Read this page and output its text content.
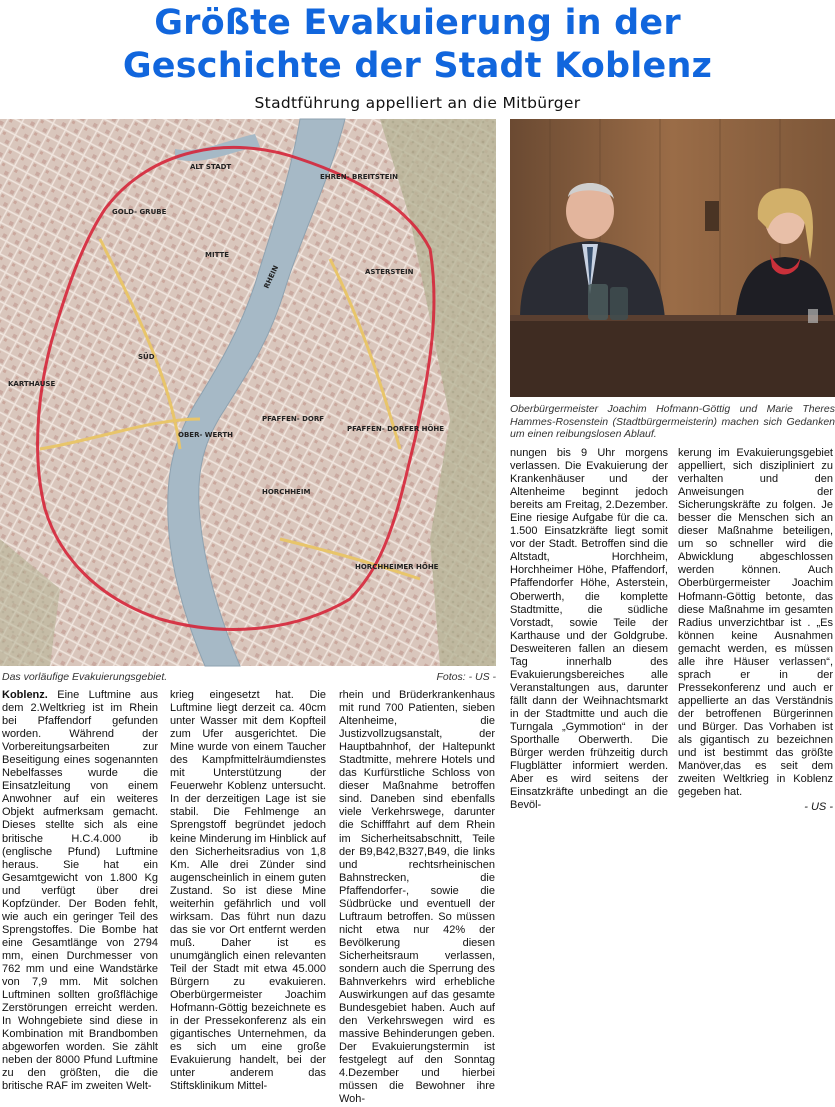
Größte Evakuierung in der
Geschichte der Stadt Koblenz
Stadtführung appelliert an die Mitbürger
ALT STADT
EHREN- BREITSTEIN
GOLD- GRUBE
MITTE
ASTERSTEIN
SÜD
KARTHAUSE
OBER- WERTH
PFAFFEN- DORF
PFAFFEN- DORFER HÖHE
HORCHHEIM
HORCHHEIMER HÖHE
RHEIN
Das vorläufige Evakuierungsgebiet.	Fotos: - US -
Oberbürgermeister Joachim Hofmann-Göttig und Marie Theres Hammes-Rosenstein (Stadtbürgermeisterin) machen sich Gedanken um einen reibungslosen Ablauf.
Koblenz. Eine Luftmine aus dem 2.Weltkrieg ist im Rhein bei Pfaffendorf gefunden worden. Während der Vorbereitungsarbeiten zur Beseitigung eines sogenannten Nebelfasses wurde die Einsatzleitung von einem Anwohner auf ein weiteres Objekt aufmerksam gemacht. Dieses stellte sich als eine britische H.C.4.000 ib (englische Pfund) Luftmine heraus. Sie hat ein Gesamtgewicht von 1.800 Kg und verfügt über drei Kopfzünder. Der Boden fehlt, wie auch ein geringer Teil des Sprengstoffes. Die Bombe hat eine Gesamtlänge von 2794 mm, einen Durchmesser von 762 mm und eine Wandstärke von 7,9 mm. Mit solchen Luftminen sollten großflächige Zerstörungen erreicht werden. In Wohngebiete sind diese in Kombination mit Brandbomben abgeworfen worden. Sie zählt neben der 8000 Pfund Luftmine zu den größten, die die britische RAF im zweiten Welt-
krieg eingesetzt hat. Die Luftmine liegt derzeit ca. 40cm unter Wasser mit dem Kopfteil zum Ufer ausgerichtet. Die Mine wurde von einem Taucher des Kampfmittelräumdienstes mit Unterstützung der Feuerwehr Koblenz untersucht. In der derzeitigen Lage ist sie stabil. Die Fehlmenge an Sprengstoff begründet jedoch keine Minderung im Hinblick auf den Sicherheitsradius von 1,8 Km. Alle drei Zünder sind augenscheinlich in einem guten Zustand. So ist diese Mine weiterhin gefährlich und voll wirksam. Das führt nun dazu das sie vor Ort entfernt werden muß. Daher ist es unumgänglich einen relevanten Teil der Stadt mit etwa 45.000 Bürgern zu evakuieren. Oberbürgermeister Joachim Hofmann-Göttig bezeichnete es in der Pressekonferenz als ein gigantisches Unternehmen, da es sich um eine große Evakuierung handelt, bei der unter anderem das Stiftsklinikum Mittel-
rhein und Brüderkrankenhaus mit rund 700 Patienten, sieben Altenheime, die Justizvollzugsanstalt, der Hauptbahnhof, der Haltepunkt Stadtmitte, mehrere Hotels und das Kurfürstliche Schloss von dieser Maßnahme betroffen sind. Daneben sind ebenfalls viele Verkehrswege, darunter die Schifffahrt auf dem Rhein im Sicherheitsabschnitt, Teile der B9,B42,B327,B49, die links und rechtsrheinischen Bahnstrecken, die Pfaffendorfer-, sowie die Südbrücke und eventuell der Luftraum betroffen. So müssen nicht etwa nur 42% der Bevölkerung diesen Sicherheitsraum verlassen, sondern auch die Sperrung des Bahnverkehrs wird erhebliche Auswirkungen auf das gesamte Bundesgebiet haben. Auch auf den Verkehrswegen wird es massive Behinderungen geben. Der Evakuierungstermin ist festgelegt auf den Sonntag 4.Dezember und hierbei müssen die Bewohner ihre Woh-
nungen bis 9 Uhr morgens verlassen. Die Evakuierung der Krankenhäuser und der Altenheime beginnt jedoch bereits am Freitag, 2.Dezember. Eine riesige Aufgabe für die ca. 1.500 Einsatzkräfte liegt somit vor der Stadt. Betroffen sind die Altstadt, Horchheim, Horchheimer Höhe, Pfaffendorf, Pfaffendorfer Höhe, Asterstein, Oberwerth, die komplette Stadtmitte, die südliche Vorstadt, sowie Teile der Karthause und der Goldgrube. Desweiteren fallen an diesem Tag innerhalb des Evakuierungsbereiches alle Veranstaltungen aus, darunter fällt dann der Weihnachtsmarkt in der Stadtmitte und auch die Turngala „Gymmotion“ in der Sporthalle Oberwerth. Die Bürger werden frühzeitig durch Flugblätter informiert werden. Aber es wird seitens der Einsatzkräfte unbedingt an die Bevöl-
kerung im Evakuierungsgebiet appelliert, sich diszipliniert zu verhalten und den Anweisungen der Sicherungskräfte zu folgen. Je besser die Menschen sich an dieser Maßnahme beteiligen, um so schneller wird die Abwicklung abgeschlossen werden können. Auch Oberbürgermeister Joachim Hofmann-Göttig betonte, das diese Maßnahme im gesamten Radius unverzichtbar ist . „Es können keine Ausnahmen gemacht werden, es müssen alle ihre Häuser verlassen“, sprach er in der Pressekonferenz und auch er appellierte an das Verständnis der betroffenen Bürgerinnen und Bürger. Das Vorhaben ist als gigantisch zu bezeichnen und ist bestimmt das größte Manöver,das es seit dem zweiten Weltkrieg in Koblenz gegeben hat.
- US -
